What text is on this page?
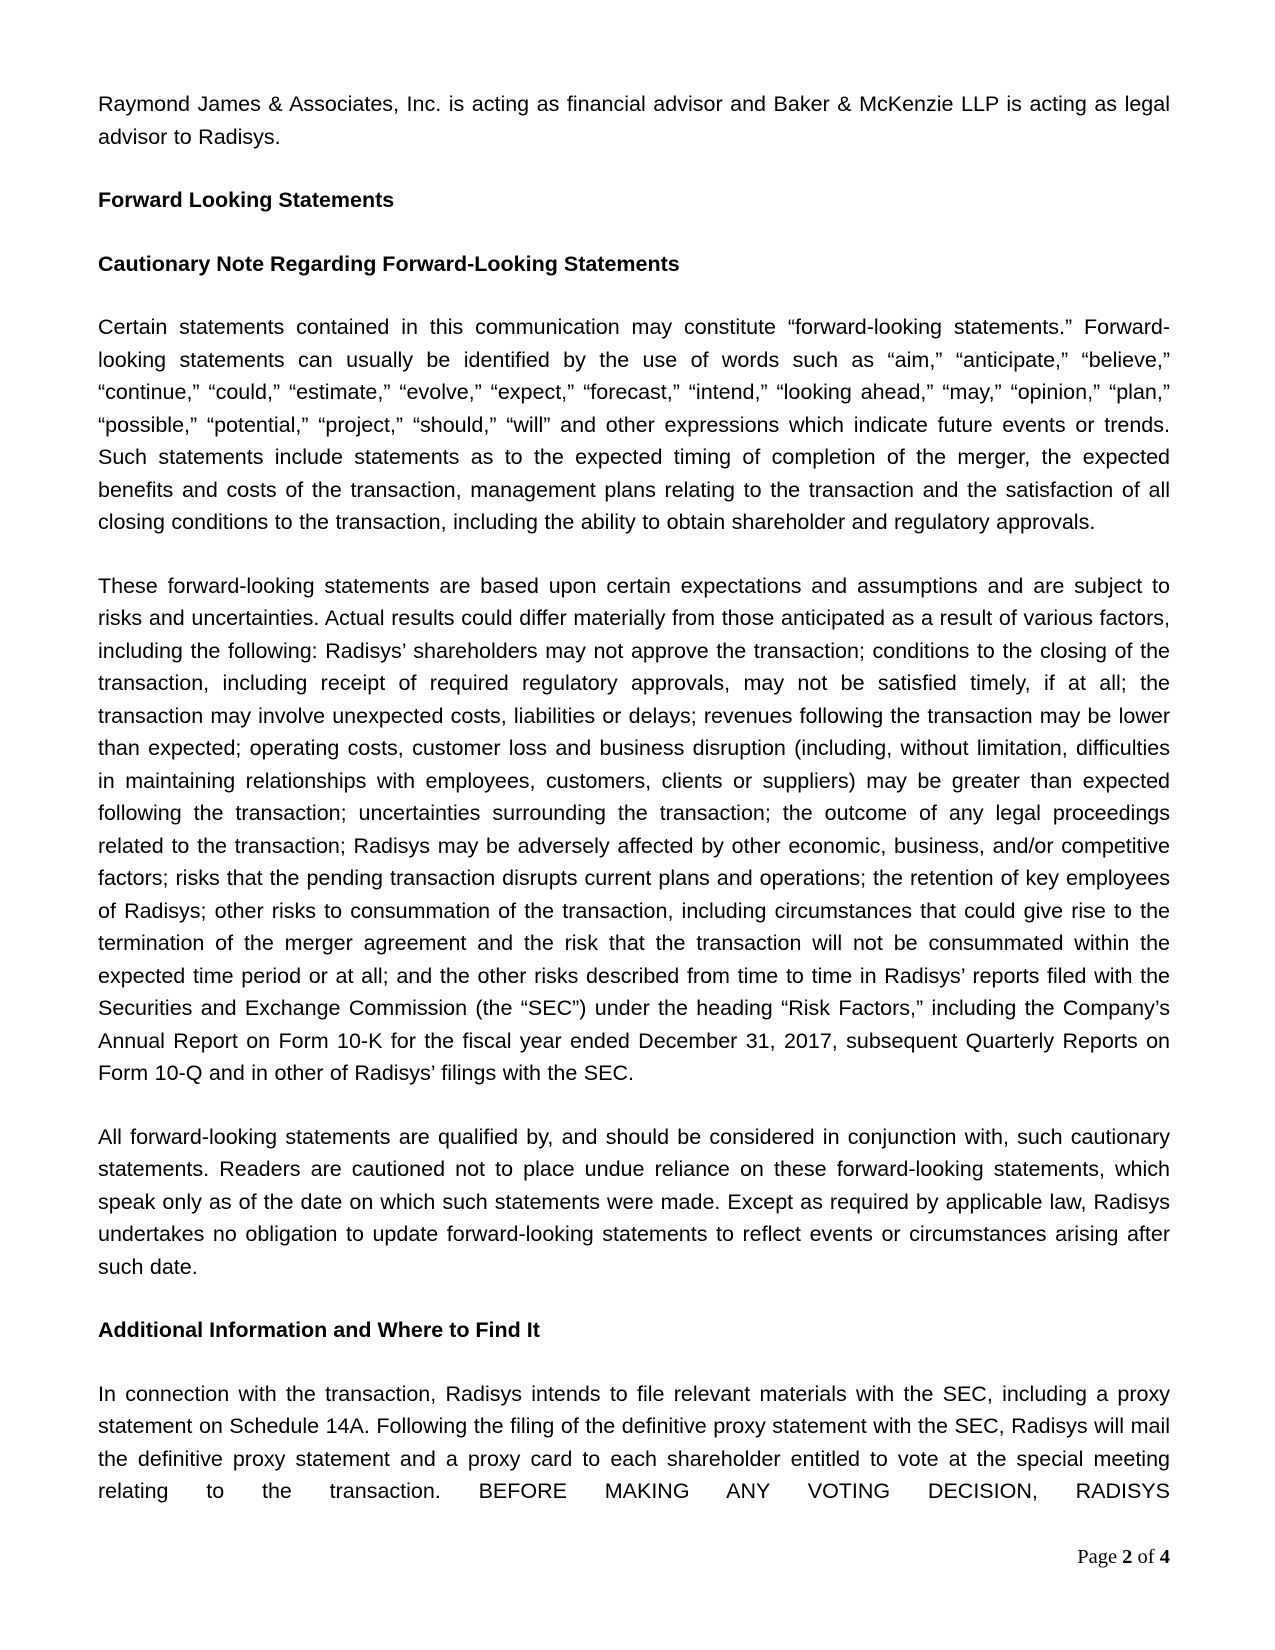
Raymond James & Associates, Inc. is acting as financial advisor and Baker & McKenzie LLP is acting as legal advisor to Radisys.

Forward Looking Statements

Cautionary Note Regarding Forward-Looking Statements

Certain statements contained in this communication may constitute “forward-looking statements.” Forward-looking statements can usually be identified by the use of words such as “aim,” “anticipate,” “believe,” “continue,” “could,” “estimate,” “evolve,” “expect,” “forecast,” “intend,” “looking ahead,” “may,” “opinion,” “plan,” “possible,” “potential,” “project,” “should,” “will” and other expressions which indicate future events or trends. Such statements include statements as to the expected timing of completion of the merger, the expected benefits and costs of the transaction, management plans relating to the transaction and the satisfaction of all closing conditions to the transaction, including the ability to obtain shareholder and regulatory approvals.

These forward-looking statements are based upon certain expectations and assumptions and are subject to risks and uncertainties. Actual results could differ materially from those anticipated as a result of various factors, including the following: Radisys’ shareholders may not approve the transaction; conditions to the closing of the transaction, including receipt of required regulatory approvals, may not be satisfied timely, if at all; the transaction may involve unexpected costs, liabilities or delays; revenues following the transaction may be lower than expected; operating costs, customer loss and business disruption (including, without limitation, difficulties in maintaining relationships with employees, customers, clients or suppliers) may be greater than expected following the transaction; uncertainties surrounding the transaction; the outcome of any legal proceedings related to the transaction; Radisys may be adversely affected by other economic, business, and/or competitive factors; risks that the pending transaction disrupts current plans and operations; the retention of key employees of Radisys; other risks to consummation of the transaction, including circumstances that could give rise to the termination of the merger agreement and the risk that the transaction will not be consummated within the expected time period or at all; and the other risks described from time to time in Radisys’ reports filed with the Securities and Exchange Commission (the “SEC”) under the heading “Risk Factors,” including the Company’s Annual Report on Form 10-K for the fiscal year ended December 31, 2017, subsequent Quarterly Reports on Form 10-Q and in other of Radisys’ filings with the SEC.

All forward-looking statements are qualified by, and should be considered in conjunction with, such cautionary statements. Readers are cautioned not to place undue reliance on these forward-looking statements, which speak only as of the date on which such statements were made. Except as required by applicable law, Radisys undertakes no obligation to update forward-looking statements to reflect events or circumstances arising after such date.

Additional Information and Where to Find It

In connection with the transaction, Radisys intends to file relevant materials with the SEC, including a proxy statement on Schedule 14A. Following the filing of the definitive proxy statement with the SEC, Radisys will mail the definitive proxy statement and a proxy card to each shareholder entitled to vote at the special meeting relating to the transaction. BEFORE MAKING ANY VOTING DECISION, RADISYS

Page 2 of 4
